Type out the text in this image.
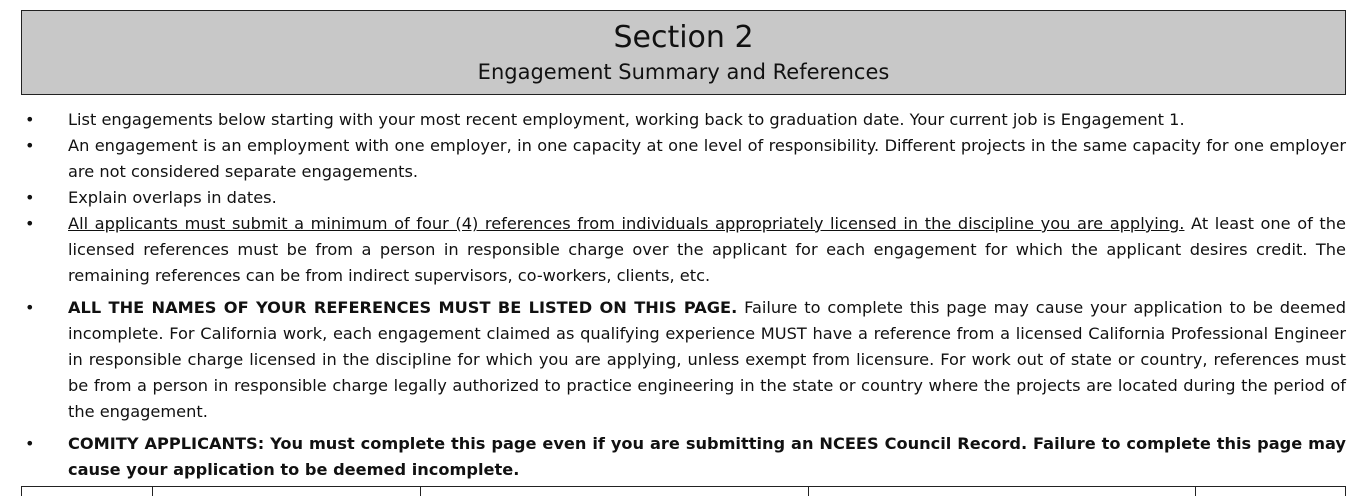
Section 2
Engagement Summary and References
• List engagements below starting with your most recent employment, working back to graduation date. Your current job is Engagement 1.
• An engagement is an employment with one employer, in one capacity at one level of responsibility. Different projects in the same capacity for one employer are not considered separate engagements.
• Explain overlaps in dates.
• All applicants must submit a minimum of four (4) references from individuals appropriately licensed in the discipline you are applying. At least one of the licensed references must be from a person in responsible charge over the applicant for each engagement for which the applicant desires credit. The remaining references can be from indirect supervisors, co-workers, clients, etc.
• ALL THE NAMES OF YOUR REFERENCES MUST BE LISTED ON THIS PAGE. Failure to complete this page may cause your application to be deemed incomplete. For California work, each engagement claimed as qualifying experience MUST have a reference from a licensed California Professional Engineer in responsible charge licensed in the discipline for which you are applying, unless exempt from licensure. For work out of state or country, references must be from a person in responsible charge legally authorized to practice engineering in the state or country where the projects are located during the period of the engagement.
• COMITY APPLICANTS: You must complete this page even if you are submitting an NCEES Council Record. Failure to complete this page may cause your application to be deemed incomplete.
